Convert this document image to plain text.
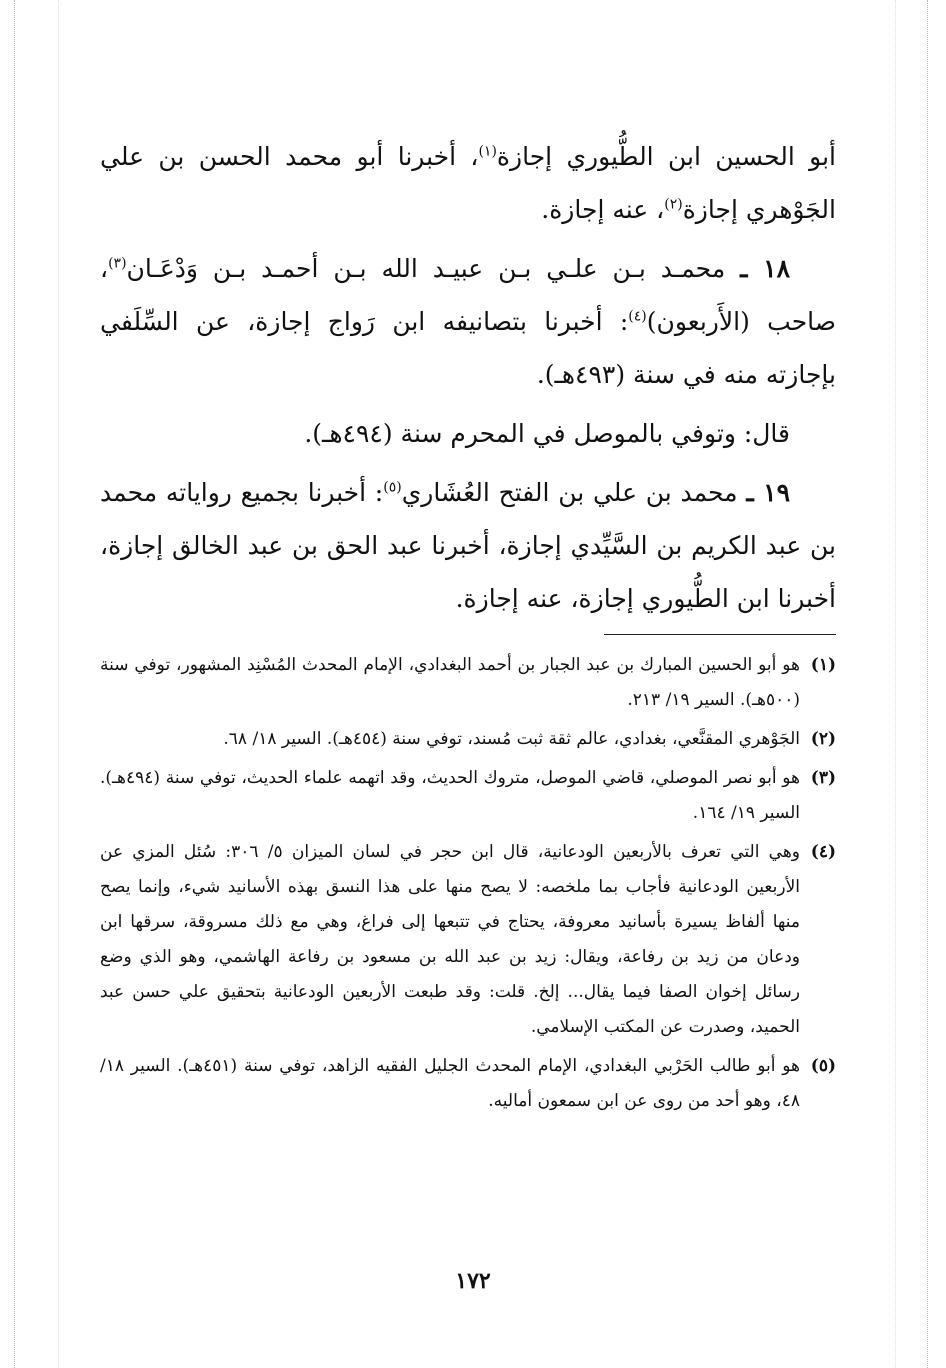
أبو الحسين ابن الطُّيوري إجازة$^{(١)}$، أخبرنا أبو محمد الحسن بن علي الجَوْهري إجازة$^{(٢)}$، عنه إجازة.

١٨ ـ محمـد بـن علـي بـن عبيـد الله بـن أحمـد بـن وَدْعَـان$^{(٣)}$، صاحب (الأَربعون)$^{(٤)}$: أخبرنا بتصانيفه ابن رَواج إجازة، عن السِّلَفي بإجازته منه في سنة (٤٩٣هـ).

قال: وتوفي بالموصل في المحرم سنة (٤٩٤هـ).

١٩ ـ محمد بن علي بن الفتح العُشَاري$^{(٥)}$: أخبرنا بجميع رواياته محمد بن عبد الكريم بن السَّيِّدي إجازة، أخبرنا عبد الحق بن عبد الخالق إجازة، أخبرنا ابن الطُّيوري إجازة، عنه إجازة.

(١)
هو أبو الحسين المبارك بن عبد الجبار بن أحمد البغدادي، الإمام المحدث المُسْنِد المشهور، توفي سنة (٥٠٠هـ). السير ١٩/ ٢١٣.
(٢)
الجَوْهري المقنَّعي، بغدادي، عالم ثقة ثبت مُسند، توفي سنة (٤٥٤هـ). السير ١٨/ ٦٨.
(٣)
هو أبو نصر الموصلي، قاضي الموصل، متروك الحديث، وقد اتهمه علماء الحديث، توفي سنة (٤٩٤هـ). السير ١٩/ ١٦٤.
(٤)
وهي التي تعرف بالأربعين الودعانية، قال ابن حجر في لسان الميزان ٥/ ٣٠٦: سُئل المزي عن الأربعين الودعانية فأجاب بما ملخصه: لا يصح منها على هذا النسق بهذه الأسانيد شيء، وإنما يصح منها ألفاظ يسيرة بأسانيد معروفة، يحتاج في تتبعها إلى فراغ، وهي مع ذلك مسروقة، سرقها ابن ودعان من زيد بن رفاعة، ويقال: زيد بن عبد الله بن مسعود بن رفاعة الهاشمي، وهو الذي وضع رسائل إخوان الصفا فيما يقال... إلخ. قلت: وقد طبعت الأربعين الودعانية بتحقيق علي حسن عبد الحميد، وصدرت عن المكتب الإسلامي.
(٥)
هو أبو طالب الحَرْبي البغدادي، الإمام المحدث الجليل الفقيه الزاهد، توفي سنة (٤٥١هـ). السير ١٨/ ٤٨، وهو أحد من روى عن ابن سمعون أماليه.
١٧٢
